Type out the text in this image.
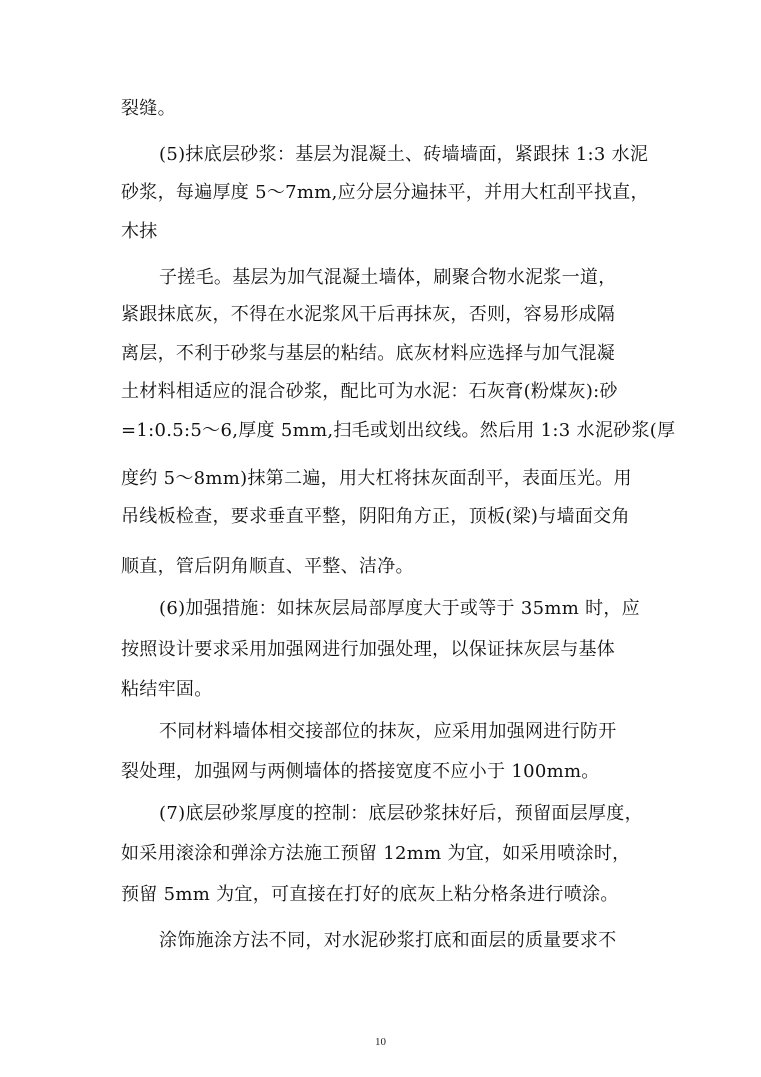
裂缝。
(5)抹底层砂浆：基层为混凝土、砖墙墙面，紧跟抹 1:3 水泥
砂浆，每遍厚度 5～7mm,应分层分遍抹平，并用大杠刮平找直，
木抹
子搓毛。基层为加气混凝土墙体，刷聚合物水泥浆一道，
紧跟抹底灰，不得在水泥浆风干后再抹灰，否则，容易形成隔
离层，不利于砂浆与基层的粘结。底灰材料应选择与加气混凝
土材料相适应的混合砂浆，配比可为水泥：石灰膏(粉煤灰):砂
=1:0.5:5～6,厚度 5mm,扫毛或划出纹线。然后用 1:3 水泥砂浆(厚
度约 5～8mm)抹第二遍，用大杠将抹灰面刮平，表面压光。用
吊线板检查，要求垂直平整，阴阳角方正，顶板(梁)与墙面交角
顺直，管后阴角顺直、平整、洁净。
(6)加强措施：如抹灰层局部厚度大于或等于 35mm 时，应
按照设计要求采用加强网进行加强处理，以保证抹灰层与基体
粘结牢固。
不同材料墙体相交接部位的抹灰，应采用加强网进行防开
裂处理，加强网与两侧墙体的搭接宽度不应小于 100mm。
(7)底层砂浆厚度的控制：底层砂浆抹好后，预留面层厚度，
如采用滚涂和弹涂方法施工预留 12mm 为宜，如采用喷涂时，
预留 5mm 为宜，可直接在打好的底灰上粘分格条进行喷涂。
涂饰施涂方法不同，对水泥砂浆打底和面层的质量要求不
10
